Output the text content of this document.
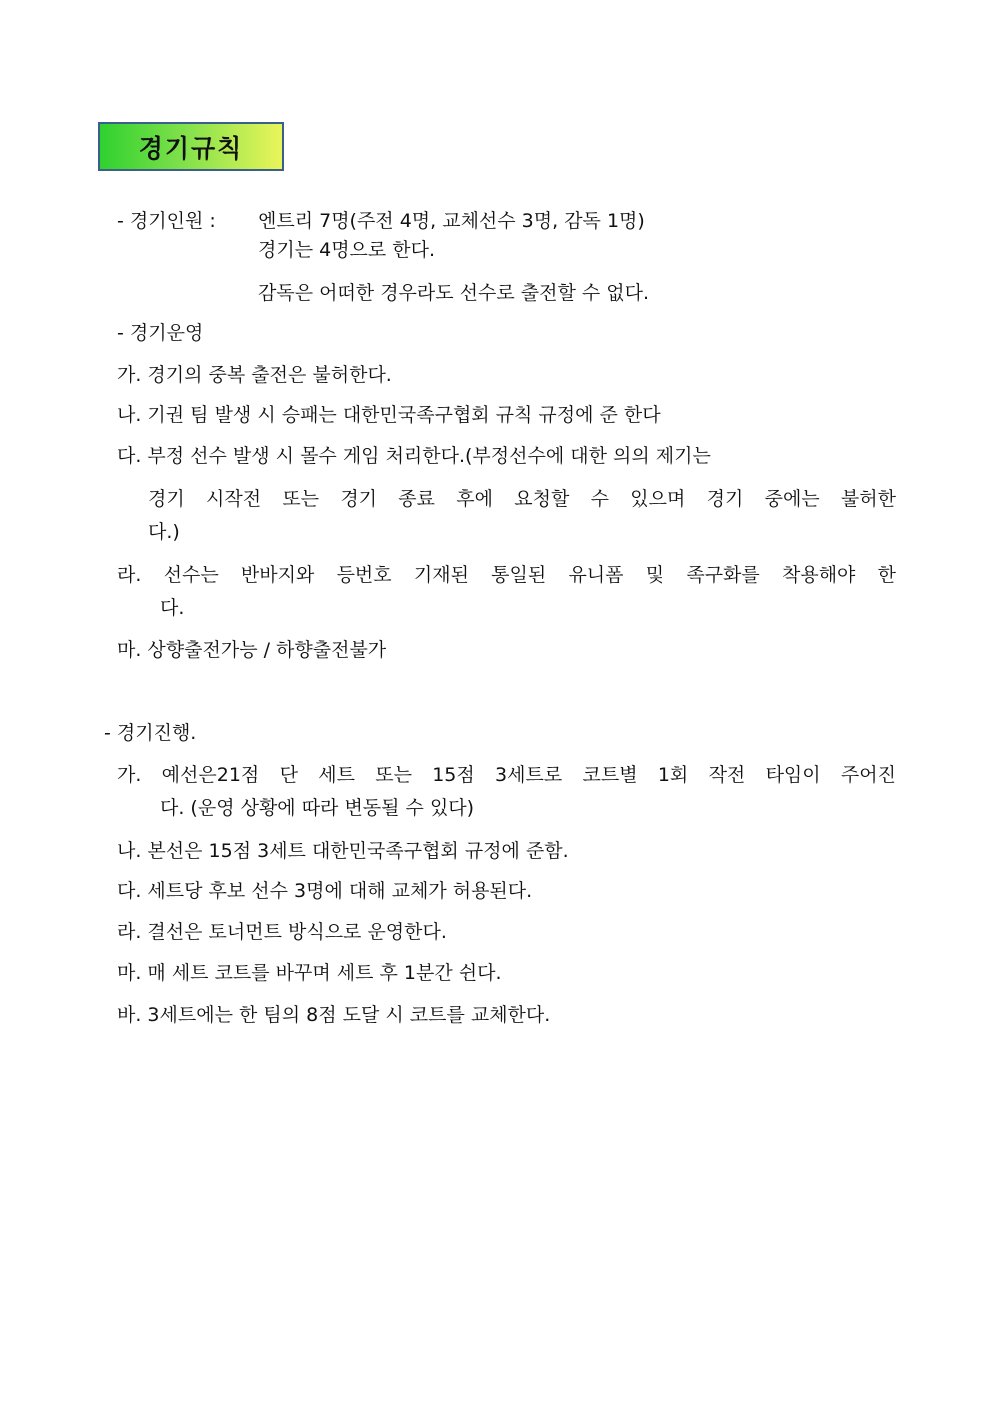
경기규칙
- 경기인원 : 엔트리 7명(주전 4명, 교체선수 3명, 감독 1명)
경기는 4명으로 한다.
감독은 어떠한 경우라도 선수로 출전할 수 없다.
- 경기운영
가. 경기의 중복 출전은 불허한다.
나. 기권 팀 발생 시 승패는 대한민국족구협회 규칙 규정에 준 한다
다. 부정 선수 발생 시 몰수 게임 처리한다.(부정선수에 대한 의의 제기는
경기 시작전 또는 경기 종료 후에 요청할 수 있으며 경기 중에는 불허한
다.)
라. 선수는 반바지와 등번호 기재된 통일된 유니폼 및 족구화를 착용해야 한
다.
마. 상향출전가능 / 하향출전불가
- 경기진행.
가. 예선은21점 단 세트 또는 15점 3세트로 코트별 1회 작전 타임이 주어진
다. (운영 상황에 따라 변동될 수 있다)
나. 본선은 15점 3세트 대한민국족구협회 규정에 준함.
다. 세트당 후보 선수 3명에 대해 교체가 허용된다.
라. 결선은 토너먼트 방식으로 운영한다.
마. 매 세트 코트를 바꾸며 세트 후 1분간 쉰다.
바. 3세트에는 한 팀의 8점 도달 시 코트를 교체한다.
